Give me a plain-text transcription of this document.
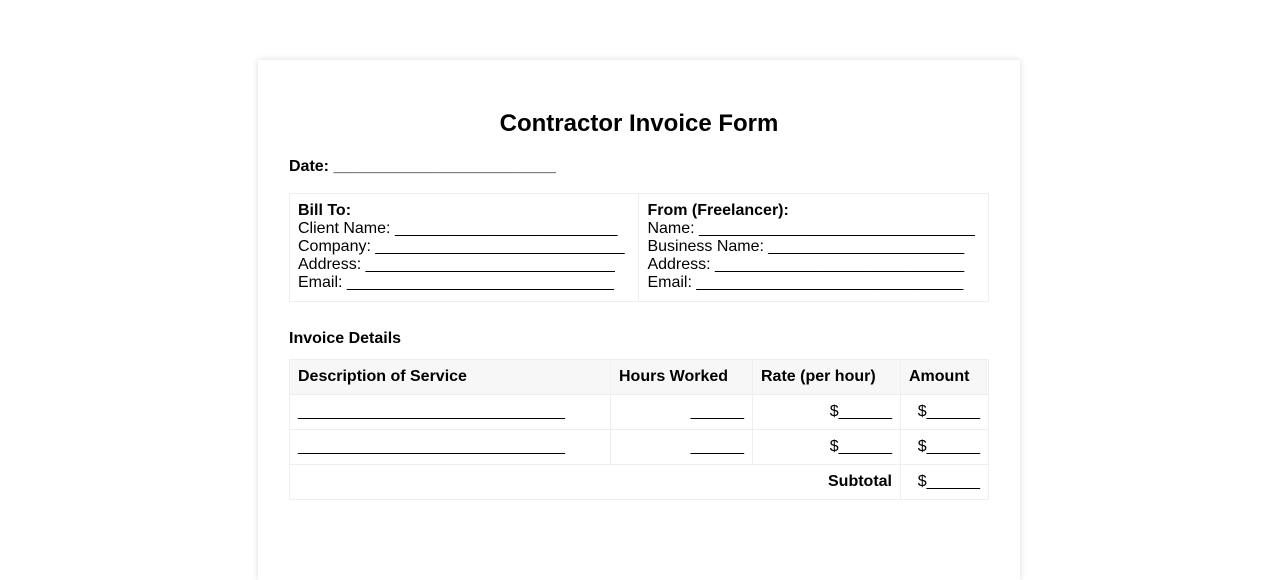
Contractor Invoice Form
Date: _________________________
Bill To:
Client Name: _________________________
Company: ____________________________
Address: ____________________________
Email: ______________________________

From (Freelancer):
Name: _______________________________
Business Name: ______________________
Address: ____________________________
Email: ______________________________
Invoice Details
Description of Service	Hours Worked	Rate (per hour)	Amount
______________________________	______	$______	$______
______________________________	______	$______	$______
Subtotal			$______
